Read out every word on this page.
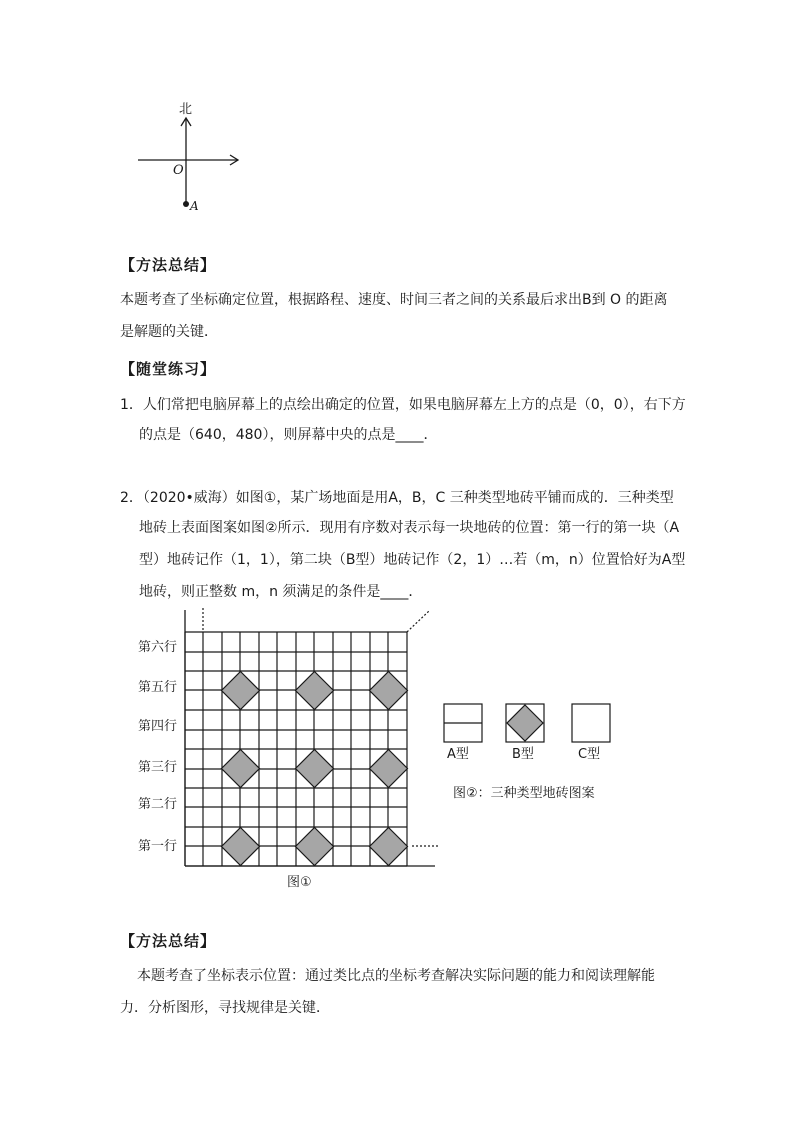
北
O
A
【方法总结】
本题考查了坐标确定位置，根据路程、速度、时间三者之间的关系最后求出B到 O 的距离
是解题的关键．
【随堂练习】
1．人们常把电脑屏幕上的点绘出确定的位置，如果电脑屏幕左上方的点是（0，0），右下方
的点是（640，480），则屏幕中央的点是____．
2．（2020•威海）如图①，某广场地面是用A，B，C 三种类型地砖平铺而成的．三种类型
地砖上表面图案如图②所示．现用有序数对表示每一块地砖的位置：第一行的第一块（A
型）地砖记作（1，1），第二块（B型）地砖记作（2，1）…若（m，n）位置恰好为A型
地砖，则正整数 m，n 须满足的条件是____．
第六行
第五行
第四行
第三行
第二行
第一行
图①
A型	B型	C型
图②：三种类型地砖图案
【方法总结】
本题考查了坐标表示位置：通过类比点的坐标考查解决实际问题的能力和阅读理解能
力．分析图形，寻找规律是关键．
